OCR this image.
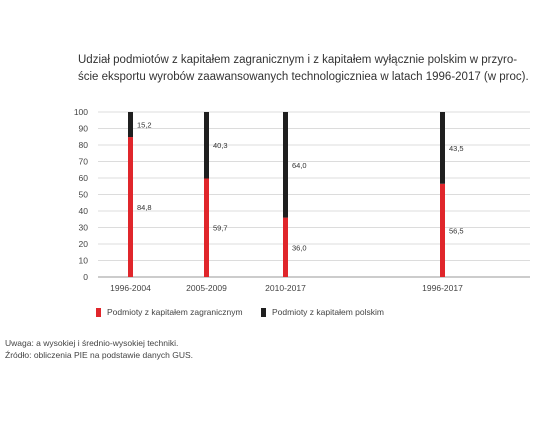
Udział podmiotów z kapitałem zagranicznym i z kapitałem wyłącznie polskim w przyro-
ście eksportu wyrobów zaawansowanych technologiczniea w latach 1996-2017 (w proc).
0
10
20
30
40
50
60
70
80
90
100
84,8
15,2
1996-2004
59,7
40,3
2005-2009
36,0
64,0
2010-2017
56,5
43,5
1996-2017
Podmioty z kapitałem zagranicznym	Podmioty z kapitałem polskim
Uwaga: a wysokiej i średnio-wysokiej techniki.
Źródło: obliczenia PIE na podstawie danych GUS.
